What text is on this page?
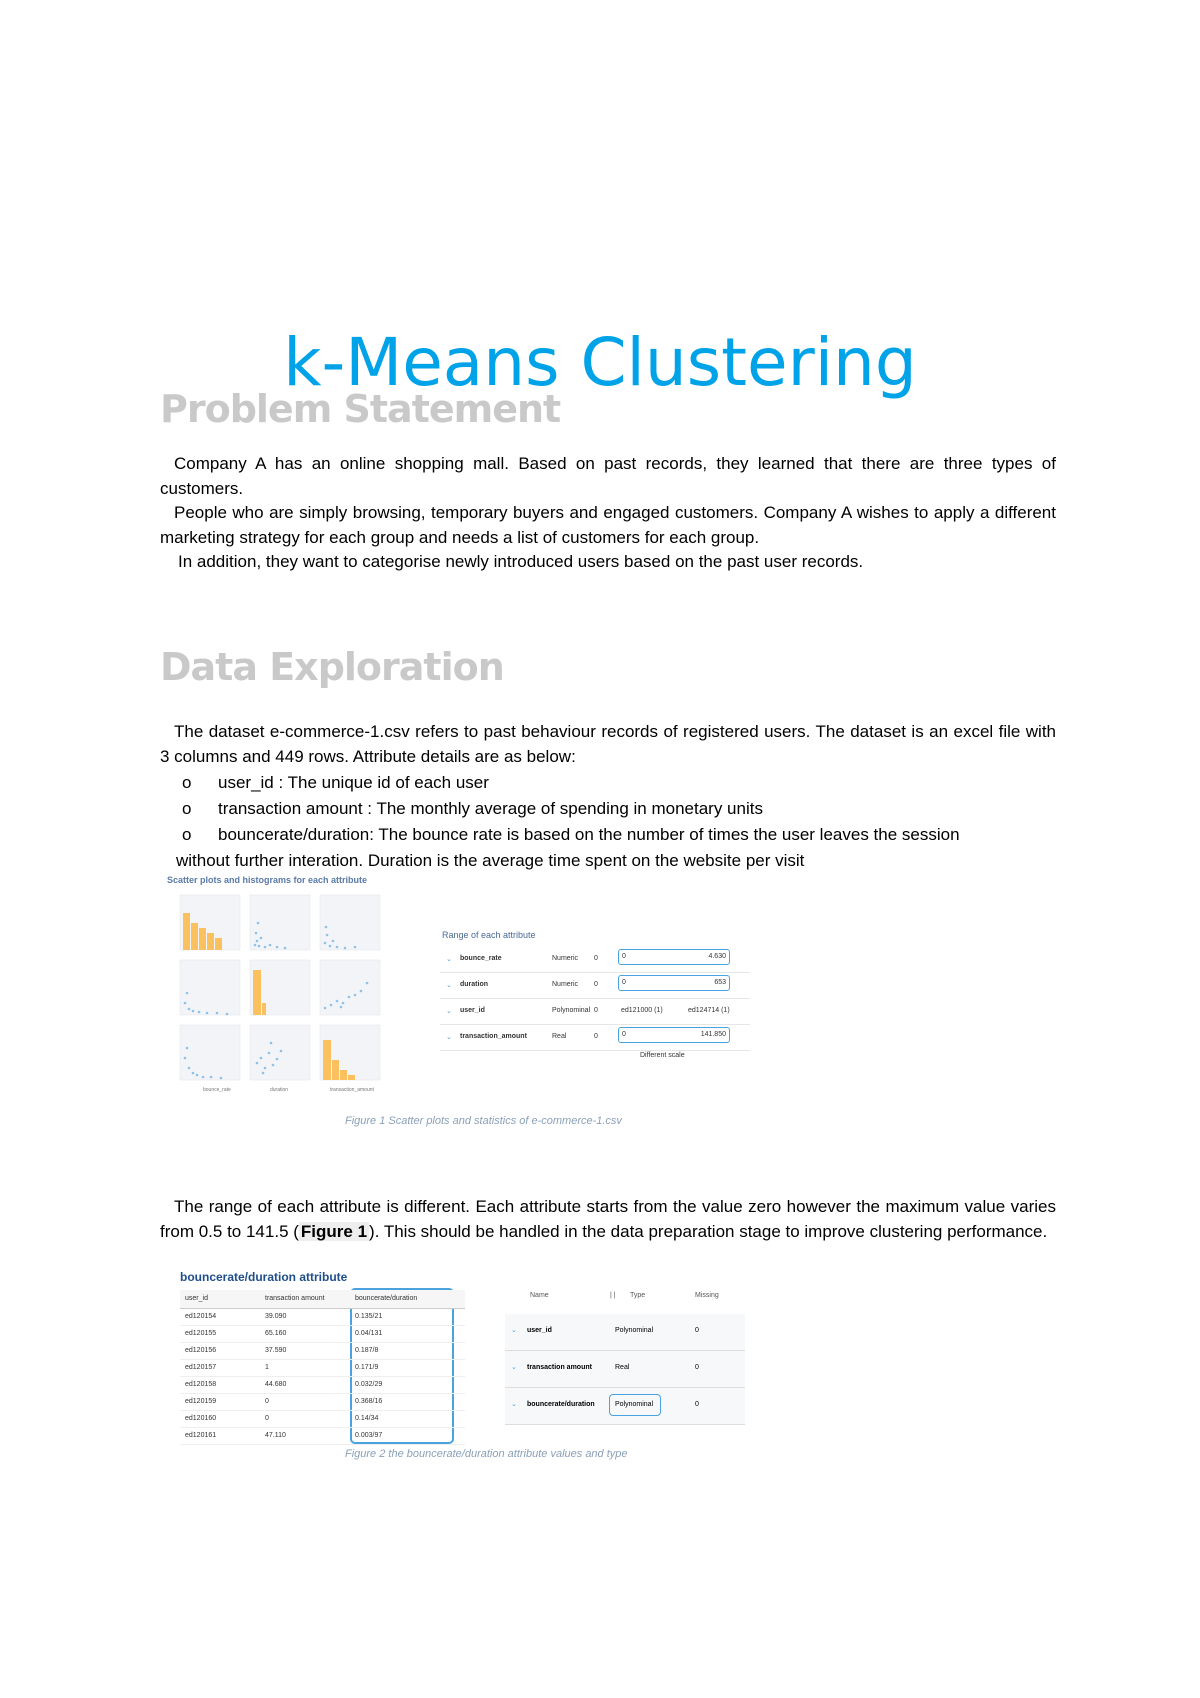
k-Means Clustering
Problem Statement

Company A has an online shopping mall. Based on past records, they learned that there are three types of customers.

People who are simply browsing, temporary buyers and engaged customers. Company A wishes to apply a different marketing strategy for each group and needs a list of customers for each group.

In addition, they want to categorise newly introduced users based on the past user records.

Data Exploration

The dataset e-commerce-1.csv refers to past behaviour records of registered users. The dataset is an excel file with 3 columns and 449 rows. Attribute details are as below:

o user_id : The unique id of each user
o transaction amount : The monthly average of spending in monetary units
o bouncerate/duration: The bounce rate is based on the number of times the user leaves the session
without further interation. Duration is the average time spent on the website per visit
Scatter plots and histograms for each attribute
bounce_rate	duration	transaction_amount
Range of each attribute
⌄ bounce_rate	Numeric 0	0	4.630
⌄ duration	Numeric 0	0	653
⌄ user_id	Polynominal 0	ed121000 (1)	ed124714 (1)
⌄ transaction_amount	Real	0	0	141.850
Different scale
Figure 1 Scatter plots and statistics of e-commerce-1.csv

The range of each attribute is different. Each attribute starts from the value zero however the maximum value varies from 0.5 to 141.5 ( Figure 1 ). This should be handled in the data preparation stage to improve clustering performance.

bouncerate/duration attribute
user_id	transaction amount	bouncerate/duration
ed120154	39.090	0.135/21
ed120155	65.160	0.04/131
ed120156	37.590	0.187/8
ed120157	1	0.171/9
ed120158	44.680	0.032/29
ed120159	0	0.368/16
ed120160	0	0.14/34
ed120161	47.110	0.003/97
Name	| | Type	Missing
⌄ user_id	Polynominal	0
⌄ transaction amount	Real	0
⌄ bouncerate/duration	Polynominal	0
Figure 2 the bouncerate/duration attribute values and type
